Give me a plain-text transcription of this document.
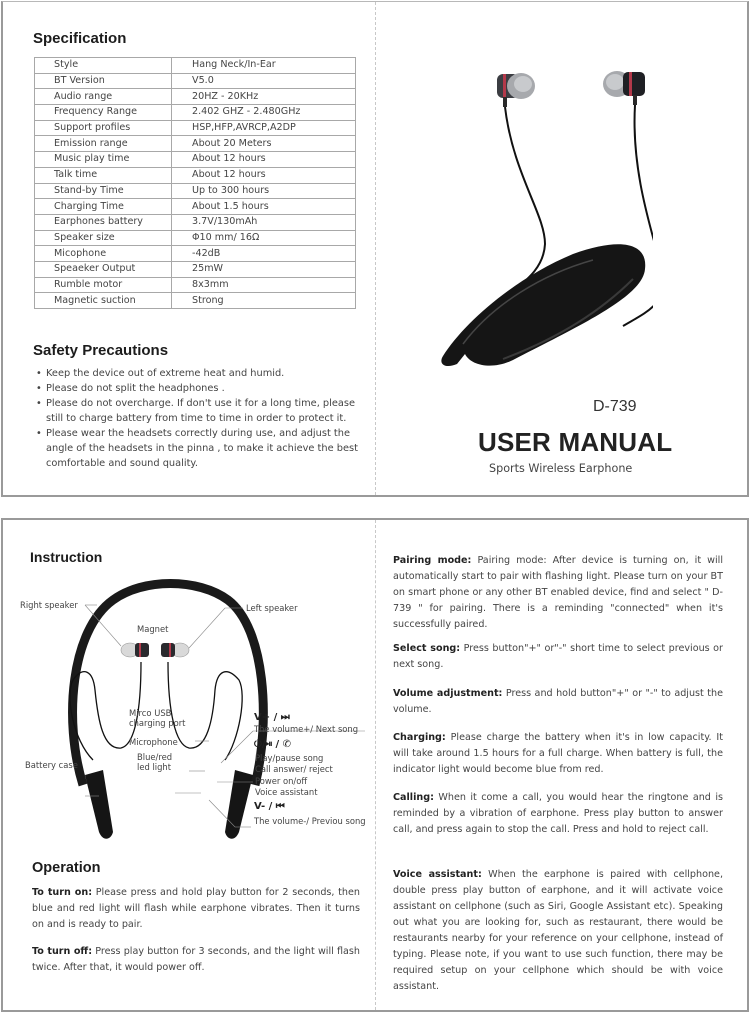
Specification
Style	Hang Neck/In-Ear
BT Version	V5.0
Audio range	20HZ - 20KHz
Frequency Range	2.402 GHZ - 2.480GHz
Support profiles	HSP,HFP,AVRCP,A2DP
Emission range	About 20 Meters
Music play time	About 12 hours
Talk time	About 12 hours
Stand-by Time	Up to 300 hours
Charging Time	About 1.5 hours
Earphones battery	3.7V/130mAh
Speaker size	Φ10 mm/ 16Ω
Micophone	-42dB
Speaeker Output	25mW
Rumble motor	8x3mm
Magnetic suction	Strong
Safety Precautions
• Keep the device out of extreme heat and humid.
• Please do not split the headphones .
• Please do not overcharge. If don't use it for a long time, please still to charge battery from time to time in order to protect it.
• Please wear the headsets correctly during use, and adjust the angle of the headsets in the pinna , to make it achieve the best comfortable and sound quality.
D-739
USER MANUAL
Sports Wireless Earphone
Instruction
Right speaker	Left speaker
Magnet
Mirco USB
charging port
Microphone
Battery case
Blue/red
led light
V+ / ⏭
The volume+/ Next song
⏻/⏯ / ✆
Play/pause song
Call answer/ reject
Power on/off
Voice assistant
V- / ⏮
The volume-/ Previou song
Operation

To turn on: Please press and hold play button for 2 seconds, then blue and red light will flash while earphone vibrates. Then it turns on and is ready to pair.

To turn off: Press play button for 3 seconds, and the light will flash twice. After that, it would power off.

Pairing mode: Pairing mode: After device is turning on, it will automatically start to pair with flashing light. Please turn on your BT on smart phone or any other BT enabled device, find and select " D-739 " for pairing. There is a reminding "connected" when it's successfully paired.

Select song: Press button"+" or"-" short time to select previous or next song.

Volume adjustment: Press and hold button"+" or "-" to adjust the volume.

Charging: Please charge the battery when it's in low capacity. It will take around 1.5 hours for a full charge. When battery is full, the indicator light would become blue from red.

Calling: When it come a call, you would hear the ringtone and is reminded by a vibration of earphone. Press play button to answer call, and press again to stop the call. Press and hold to reject call.

Voice assistant: When the earphone is paired with cellphone, double press play button of earphone, and it will activate voice assistant on cellphone (such as Siri, Google Assistant etc). Speaking out what you are looking for, such as restaurant, there would be restaurants nearby for your reference on your cellphone, instead of typing. Please note, if you want to use such function, there may be required setup on your cellphone which should be with voice assistant.
